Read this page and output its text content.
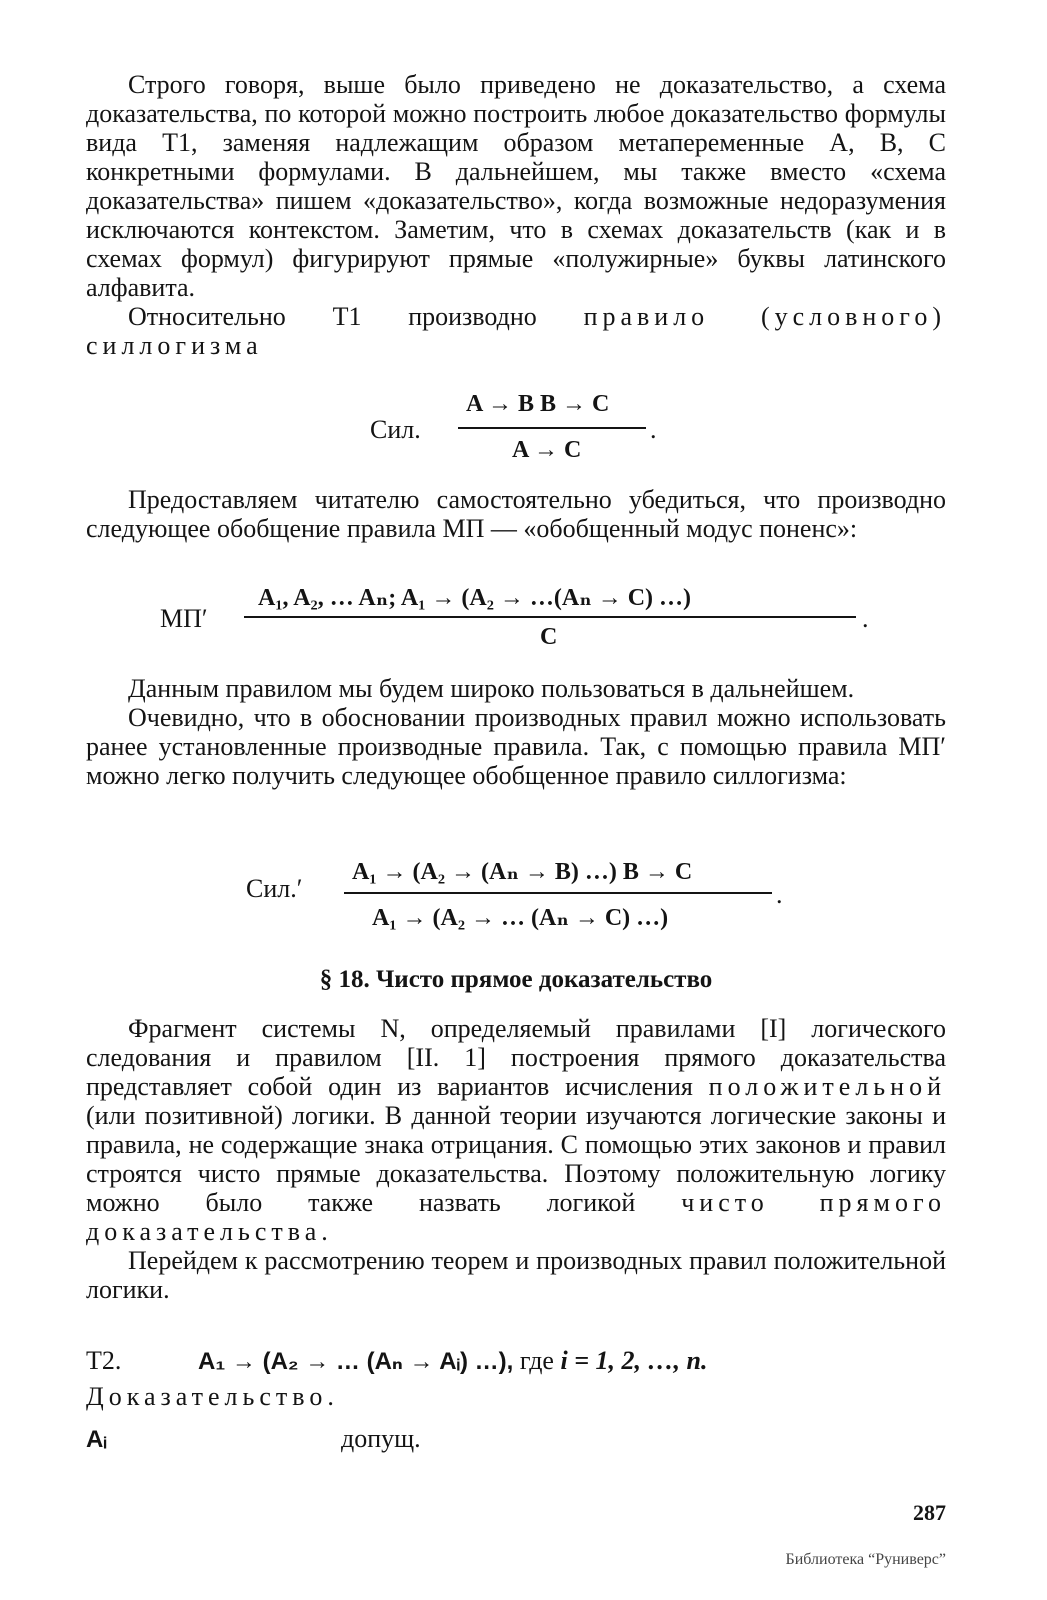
Строго говоря, выше было приведено не доказательство, а схема доказательства, по которой можно построить любое доказательство формулы вида Т1, заменяя надлежащим образом метапеременные А, В, С конкретными формулами. В дальнейшем, мы также вместо «схема доказательства» пишем «доказательство», когда возможные недоразумения исключаются контекстом. Заметим, что в схемах доказательств (как и в схемах формул) фигурируют прямые «полужирные» буквы латинского алфавита.

Относительно Т1 производно правило (условного) силлогизма

Сил.
A → B B → C
A → C
.

Предоставляем читателю самостоятельно убедиться, что производно следующее обобщение правила МП — «обобщенный модус поненс»:

МП′
A₁, A₂, … Aₙ; A₁ → (A₂ → …(Aₙ → C) …)
C
.

Данным правилом мы будем широко пользоваться в дальнейшем.

Очевидно, что в обосновании производных правил можно использовать ранее установленные производные правила. Так, с помощью правила МП′ можно легко получить следующее обобщенное правило силлогизма:

Сил.′
A₁ → (A₂ → (Aₙ → B) …) B → C
A₁ → (A₂ → … (Aₙ → C) …)
.
§ 18. Чисто прямое доказательство

Фрагмент системы N, определяемый правилами [I] логического следования и правилом [II. 1] построения прямого доказательства представляет собой один из вариантов исчисления положительной (или позитивной) логики. В данной теории изучаются логические законы и правила, не содержащие знака отрицания. С помощью этих законов и правил строятся чисто прямые доказательства. Поэтому положительную логику можно было также назвать логикой чисто прямого доказательства.

Перейдем к рассмотрению теорем и производных правил положительной логики.

Т2.	A₁ → (A₂ → … (Aₙ → Aᵢ) …), где i = 1, 2, …, n.
Доказательство.
Aᵢ	допущ.
287
Библиотека “Руниверс”
